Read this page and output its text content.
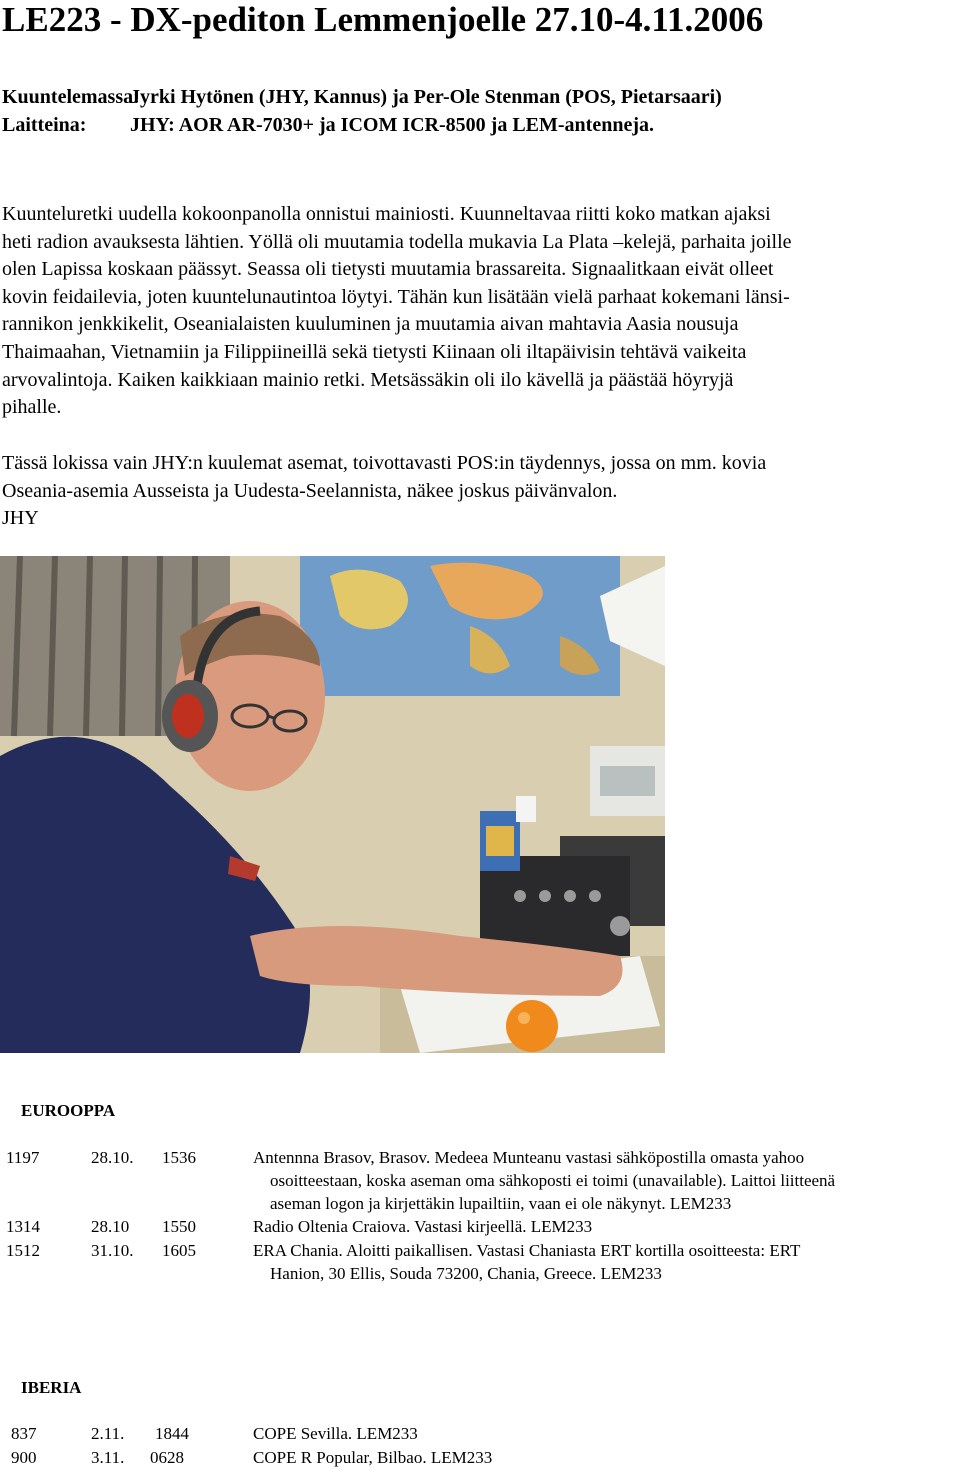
LE223 - DX-pediton Lemmenjoelle 27.10-4.11.2006
Kuuntelemassa:Jyrki Hytönen (JHY, Kannus) ja Per-Ole Stenman (POS, Pietarsaari)
Laitteina: JHY: AOR AR-7030+ ja ICOM ICR-8500 ja LEM-antenneja.
Kuunteluretki uudella kokoonpanolla onnistui mainiosti. Kuunneltavaa riitti koko matkan ajaksi
heti radion avauksesta lähtien. Yöllä oli muutamia todella mukavia La Plata –kelejä, parhaita joille
olen Lapissa koskaan päässyt. Seassa oli tietysti muutamia brassareita. Signaalitkaan eivät olleet
kovin feidailevia, joten kuuntelunautintoa löytyi. Tähän kun lisätään vielä parhaat kokemani länsi-
rannikon jenkkikelit, Oseanialaisten kuuluminen ja muutamia aivan mahtavia Aasia nousuja
Thaimaahan, Vietnamiin ja Filippiineillä sekä tietysti Kiinaan oli iltapäivisin tehtävä vaikeita
arvovalintoja. Kaiken kaikkiaan mainio retki. Metsässäkin oli ilo kävellä ja päästää höyryjä
pihalle.
Tässä lokissa vain JHY:n kuulemat asemat, toivottavasti POS:in täydennys, jossa on mm. kovia
Oseania-asemia Ausseista ja Uudesta-Seelannista, näkee joskus päivänvalon.
JHY
EUROOPPA
1197	28.10. 1536	Antennna Brasov, Brasov. Medeea Munteanu vastasi sähköpostilla omasta yahoo
osoitteestaan, koska aseman oma sähkoposti ei toimi (unavailable). Laittoi liitteenä
aseman logon ja kirjettäkin lupailtiin, vaan ei ole näkynyt. LEM233
1314	28.10 1550	Radio Oltenia Craiova. Vastasi kirjeellä. LEM233
1512	31.10. 1605	ERA Chania. Aloitti paikallisen. Vastasi Chaniasta ERT kortilla osoitteesta: ERT
Hanion, 30 Ellis, Souda 73200, Chania, Greece. LEM233
IBERIA
837	2.11. 1844	COPE Sevilla. LEM233
900	3.11. 0628	COPE R Popular, Bilbao. LEM233
